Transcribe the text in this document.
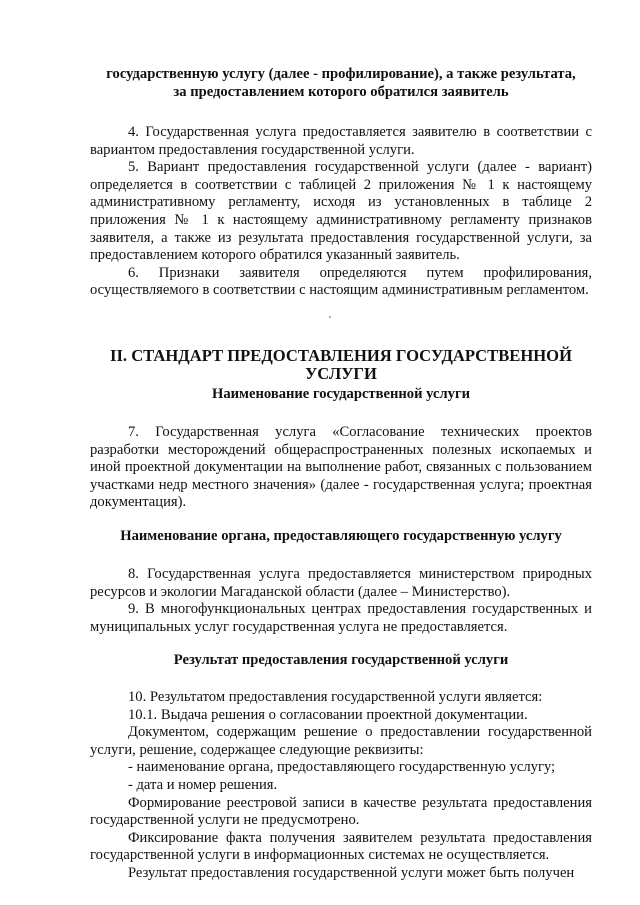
государственную услугу (далее - профилирование), а также результата,
за предоставлением которого обратился заявитель

4. Государственная услуга предоставляется заявителю в соответствии с вариантом предоставления государственной услуги.

5. Вариант предоставления государственной услуги (далее - вариант) определяется в соответствии с таблицей 2 приложения № 1 к настоящему административному регламенту, исходя из установленных в таблице 2 приложения № 1 к настоящему административному регламенту признаков заявителя, а также из результата предоставления государственной услуги, за предоставлением которого обратился указанный заявитель.

6. Признаки заявителя определяются путем профилирования, осуществляемого в соответствии с настоящим административным регламентом.

II. СТАНДАРТ ПРЕДОСТАВЛЕНИЯ ГОСУДАРСТВЕННОЙ УСЛУГИ
Наименование государственной услуги

7. Государственная услуга «Согласование технических проектов разработки месторождений общераспространенных полезных ископаемых и иной проектной документации на выполнение работ, связанных с пользованием участками недр местного значения» (далее - государственная услуга; проектная документация).

Наименование органа, предоставляющего государственную услугу

8. Государственная услуга предоставляется министерством природных ресурсов и экологии Магаданской области (далее – Министерство).

9. В многофункциональных центрах предоставления государственных и муниципальных услуг государственная услуга не предоставляется.

Результат предоставления государственной услуги

10. Результатом предоставления государственной услуги является:

10.1. Выдача решения о согласовании проектной документации.

Документом, содержащим решение о предоставлении государственной услуги, решение, содержащее следующие реквизиты:

- наименование органа, предоставляющего государственную услугу;

- дата и номер решения.

Формирование реестровой записи в качестве результата предоставления государственной услуги не предусмотрено.

Фиксирование факта получения заявителем результата предоставления государственной услуги в информационных системах не осуществляется.

Результат предоставления государственной услуги может быть получен
